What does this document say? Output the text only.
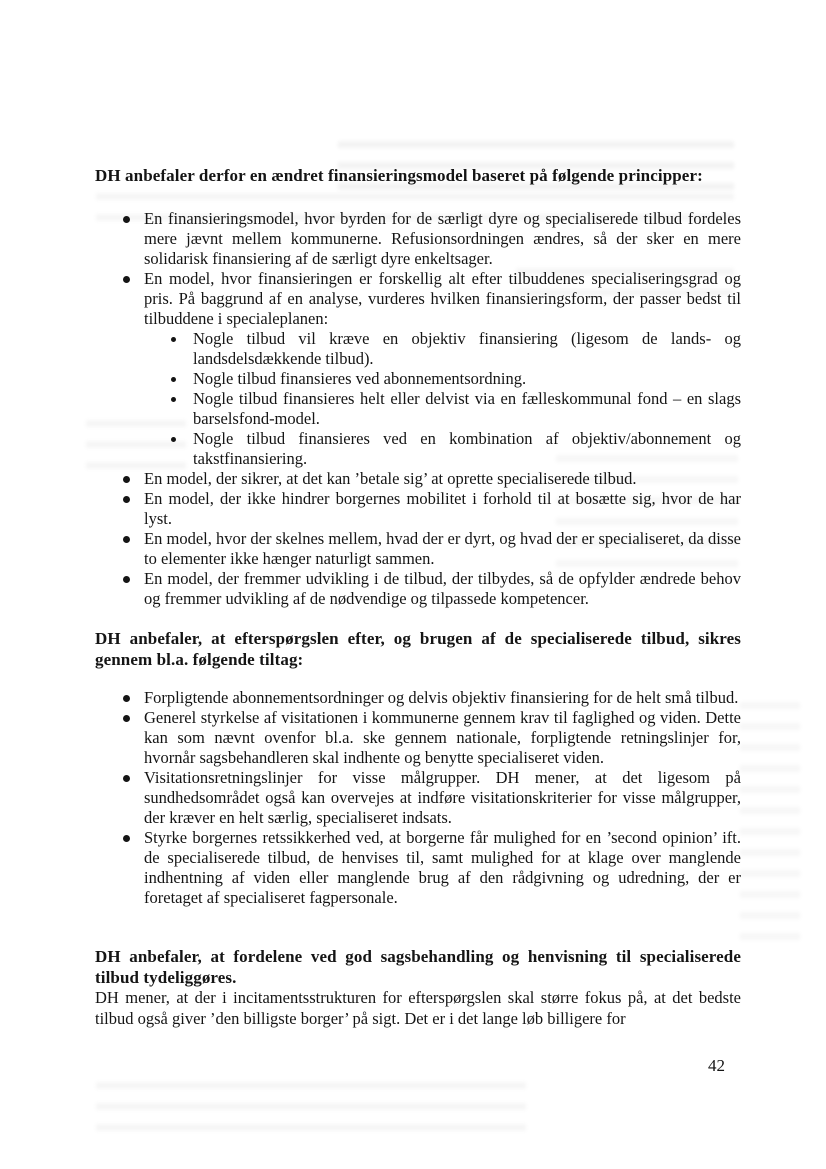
DH anbefaler derfor en ændret finansieringsmodel baseret på følgende principper:

En finansieringsmodel, hvor byrden for de særligt dyre og specialiserede tilbud fordeles mere jævnt mellem kommunerne. Refusionsordningen ændres, så der sker en mere solidarisk finansiering af de særligt dyre enkeltsager.
En model, hvor finansieringen er forskellig alt efter tilbuddenes specialiseringsgrad og pris. På baggrund af en analyse, vurderes hvilken finansieringsform, der passer bedst til tilbuddene i specialeplanen:
Nogle tilbud vil kræve en objektiv finansiering (ligesom de lands- og landsdelsdækkende tilbud).
Nogle tilbud finansieres ved abonnementsordning.
Nogle tilbud finansieres helt eller delvist via en fælleskommunal fond – en slags barselsfond-model.
Nogle tilbud finansieres ved en kombination af objektiv/abonnement og takstfinansiering.
En model, der sikrer, at det kan ’betale sig’ at oprette specialiserede tilbud.
En model, der ikke hindrer borgernes mobilitet i forhold til at bosætte sig, hvor de har lyst.
En model, hvor der skelnes mellem, hvad der er dyrt, og hvad der er specialiseret, da disse to elementer ikke hænger naturligt sammen.
En model, der fremmer udvikling i de tilbud, der tilbydes, så de opfylder ændrede behov og fremmer udvikling af de nødvendige og tilpassede kompetencer.

DH anbefaler, at efterspørgslen efter, og brugen af de specialiserede tilbud, sikres gennem bl.a. følgende tiltag:

Forpligtende abonnementsordninger og delvis objektiv finansiering for de helt små tilbud.
Generel styrkelse af visitationen i kommunerne gennem krav til faglighed og viden. Dette kan som nævnt ovenfor bl.a. ske gennem nationale, forpligtende retningslinjer for, hvornår sagsbehandleren skal indhente og benytte specialiseret viden.
Visitationsretningslinjer for visse målgrupper. DH mener, at det ligesom på sundhedsområdet også kan overvejes at indføre visitationskriterier for visse målgrupper, der kræver en helt særlig, specialiseret indsats.
Styrke borgernes retssikkerhed ved, at borgerne får mulighed for en ’second opinion’ ift. de specialiserede tilbud, de henvises til, samt mulighed for at klage over manglende indhentning af viden eller manglende brug af den rådgivning og udredning, der er foretaget af specialiseret fagpersonale.

DH anbefaler, at fordelene ved god sagsbehandling og henvisning til specialiserede tilbud tydeliggøres.

DH mener, at der i incitamentsstrukturen for efterspørgslen skal større fokus på, at det bedste tilbud også giver ’den billigste borger’ på sigt. Det er i det lange løb billigere for

42
